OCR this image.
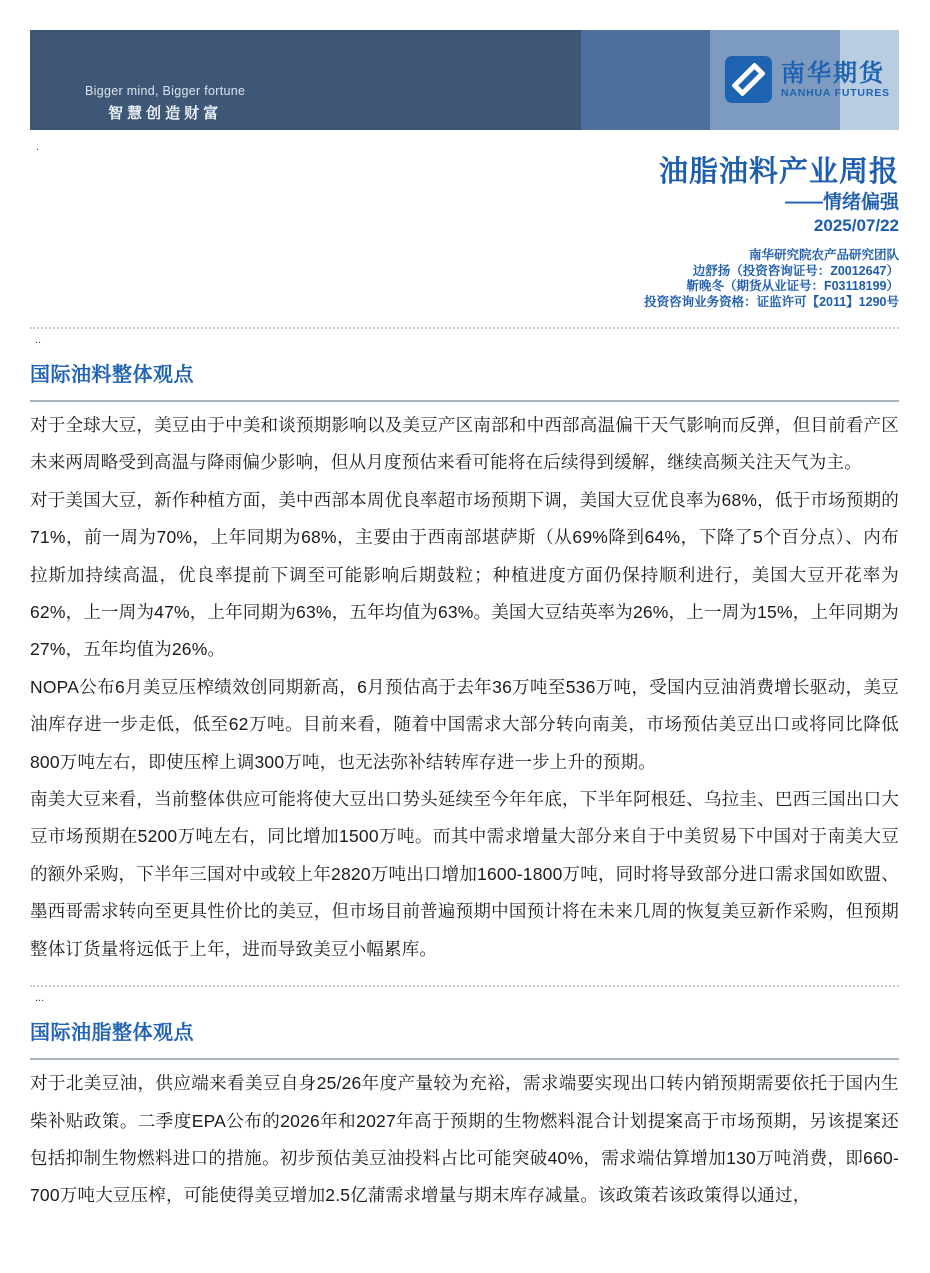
Bigger mind, Bigger fortune
智慧创造财富
南华期货
NANHUA FUTURES
.
油脂油料产业周报
——情绪偏强
2025/07/22
南华研究院农产品研究团队
边舒扬（投资咨询证号：Z0012647）
靳晚冬（期货从业证号：F03118199）
投资咨询业务资格：证监许可【2011】1290号
..
国际油料整体观点

对于全球大豆，美豆由于中美和谈预期影响以及美豆产区南部和中西部高温偏干天气影响而反弹，但目前看产区未来两周略受到高温与降雨偏少影响，但从月度预估来看可能将在后续得到缓解，继续高频关注天气为主。

对于美国大豆，新作种植方面，美中西部本周优良率超市场预期下调，美国大豆优良率为68%，低于市场预期的71%，前一周为70%，上年同期为68%，主要由于西南部堪萨斯（从69%降到64%，下降了5个百分点）、内布拉斯加持续高温，优良率提前下调至可能影响后期鼓粒；种植进度方面仍保持顺利进行，美国大豆开花率为62%，上一周为47%，上年同期为63%，五年均值为63%。美国大豆结英率为26%，上一周为15%，上年同期为27%，五年均值为26%。

NOPA公布6月美豆压榨绩效创同期新高，6月预估高于去年36万吨至536万吨，受国内豆油消费增长驱动，美豆油库存进一步走低，低至62万吨。目前来看，随着中国需求大部分转向南美，市场预估美豆出口或将同比降低800万吨左右，即使压榨上调300万吨，也无法弥补结转库存进一步上升的预期。

南美大豆来看，当前整体供应可能将使大豆出口势头延续至今年年底，下半年阿根廷、乌拉圭、巴西三国出口大豆市场预期在5200万吨左右，同比增加1500万吨。而其中需求增量大部分来自于中美贸易下中国对于南美大豆的额外采购，下半年三国对中或较上年2820万吨出口增加1600-1800万吨，同时将导致部分进口需求国如欧盟、墨西哥需求转向至更具性价比的美豆，但市场目前普遍预期中国预计将在未来几周的恢复美豆新作采购，但预期整体订货量将远低于上年，进而导致美豆小幅累库。

...
国际油脂整体观点

对于北美豆油，供应端来看美豆自身25/26年度产量较为充裕，需求端要实现出口转内销预期需要依托于国内生柴补贴政策。二季度EPA公布的2026年和2027年高于预期的生物燃料混合计划提案高于市场预期，另该提案还包括抑制生物燃料进口的措施。初步预估美豆油投料占比可能突破40%，需求端估算增加130万吨消费，即660-700万吨大豆压榨，可能使得美豆增加2.5亿蒲需求增量与期末库存减量。该政策若该政策得以通过，
